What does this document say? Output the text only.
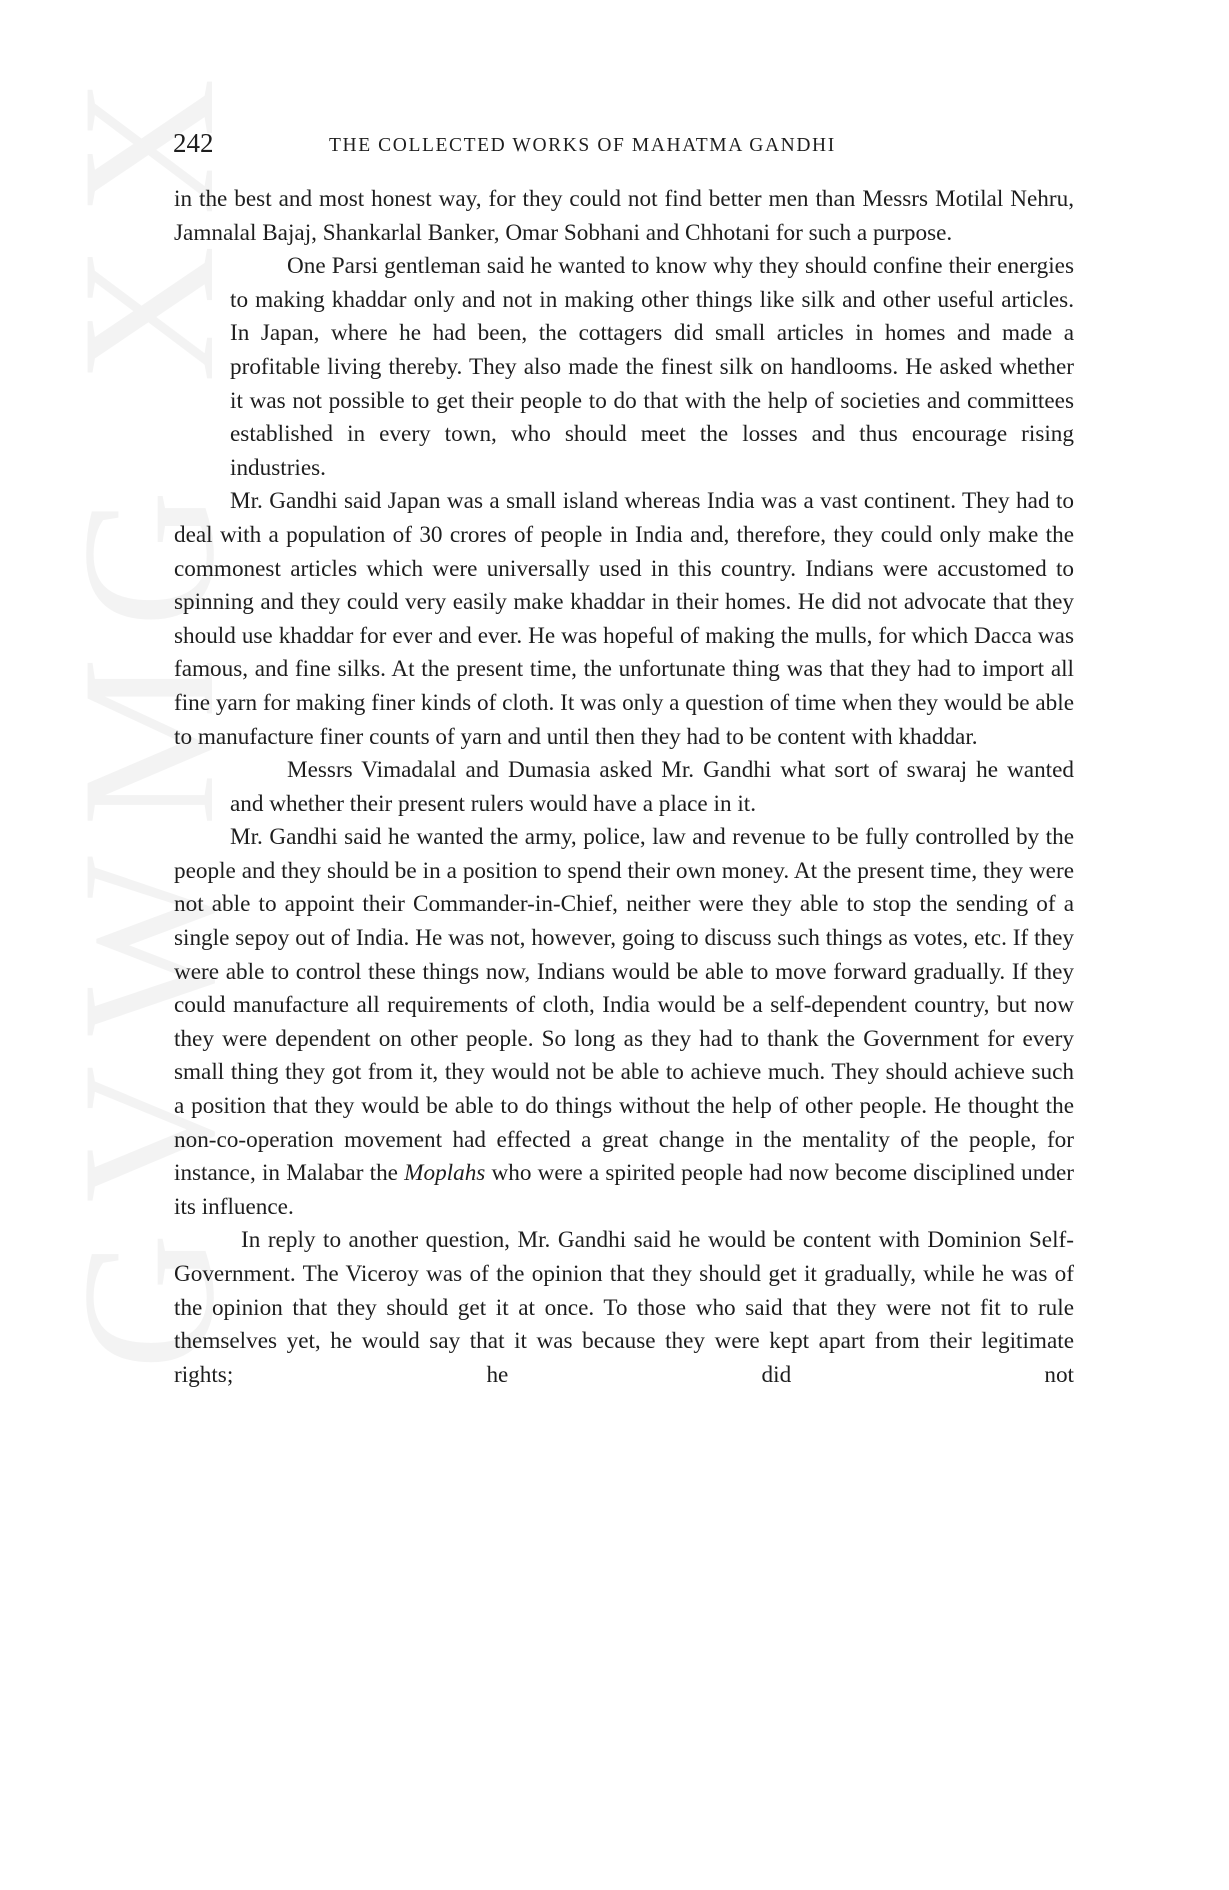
242	THE COLLECTED WORKS OF MAHATMA GANDHI

in the best and most honest way, for they could not find better men than Messrs Motilal Nehru, Jamnalal Bajaj, Shankarlal Banker, Omar Sobhani and Chhotani for such a purpose.

One Parsi gentleman said he wanted to know why they should confine their energies to making khaddar only and not in making other things like silk and other useful articles. In Japan, where he had been, the cottagers did small articles in homes and made a profitable living thereby. They also made the finest silk on handlooms. He asked whether it was not possible to get their people to do that with the help of societies and committees established in every town, who should meet the losses and thus encourage rising industries.

Mr. Gandhi said Japan was a small island whereas India was a vast continent. They had to deal with a population of 30 crores of people in India and, therefore, they could only make the commonest articles which were universally used in this country. Indians were accustomed to spinning and they could very easily make khaddar in their homes. He did not advocate that they should use khaddar for ever and ever. He was hopeful of making the mulls, for which Dacca was famous, and fine silks. At the present time, the unfortunate thing was that they had to import all fine yarn for making finer kinds of cloth. It was only a question of time when they would be able to manufacture finer counts of yarn and until then they had to be content with khaddar.

Messrs Vimadalal and Dumasia asked Mr. Gandhi what sort of swaraj he wanted and whether their present rulers would have a place in it.

Mr. Gandhi said he wanted the army, police, law and revenue to be fully controlled by the people and they should be in a position to spend their own money. At the present time, they were not able to appoint their Commander-in-Chief, neither were they able to stop the sending of a single sepoy out of India. He was not, however, going to discuss such things as votes, etc. If they were able to control these things now, Indians would be able to move forward gradually. If they could manufacture all requirements of cloth, India would be a self-dependent country, but now they were dependent on other people. So long as they had to thank the Government for every small thing they got from it, they would not be able to achieve much. They should achieve such a position that they would be able to do things without the help of other people. He thought the non-co-operation movement had effected a great change in the mentality of the people, for instance, in Malabar the Moplahs who were a spirited people had now become disciplined under its influence.

In reply to another question, Mr. Gandhi said he would be content with Dominion Self-Government. The Viceroy was of the opinion that they should get it gradually, while he was of the opinion that they should get it at once. To those who said that they were not fit to rule themselves yet, he would say that it was because they were kept apart from their legitimate rights; he did not
